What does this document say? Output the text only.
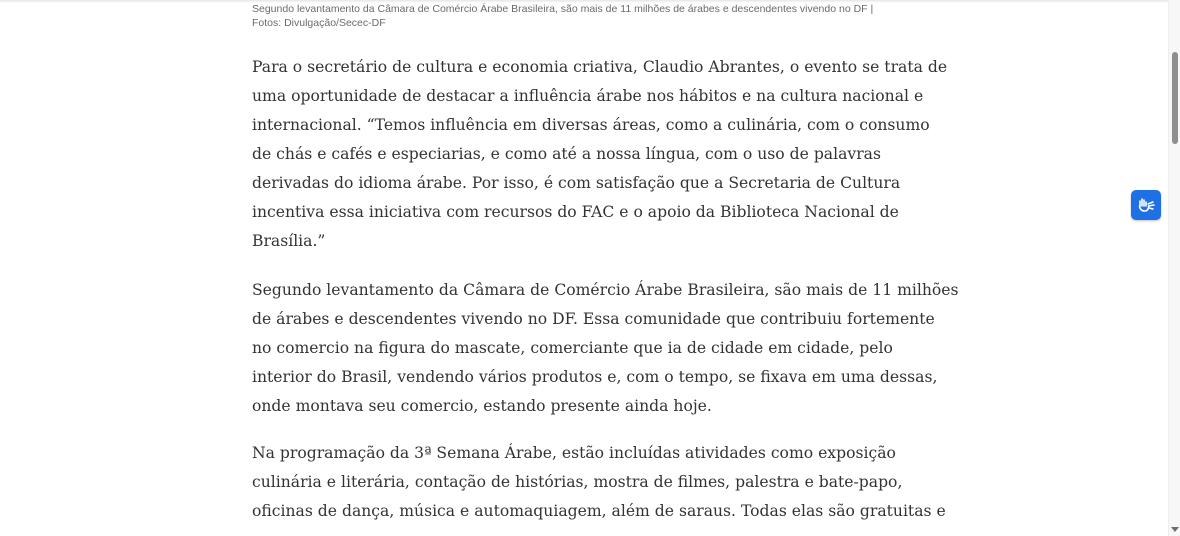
Segundo levantamento da Câmara de Comércio Árabe Brasileira, são mais de 11 milhões de árabes e descendentes vivendo no DF |
Fotos: Divulgação/Secec-DF

Para o secretário de cultura e economia criativa, Claudio Abrantes, o evento se trata de
uma oportunidade de destacar a influência árabe nos hábitos e na cultura nacional e
internacional. “Temos influência em diversas áreas, como a culinária, com o consumo
de chás e cafés e especiarias, e como até a nossa língua, com o uso de palavras
derivadas do idioma árabe. Por isso, é com satisfação que a Secretaria de Cultura
incentiva essa iniciativa com recursos do FAC e o apoio da Biblioteca Nacional de
Brasília.”

Segundo levantamento da Câmara de Comércio Árabe Brasileira, são mais de 11 milhões
de árabes e descendentes vivendo no DF. Essa comunidade que contribuiu fortemente
no comercio na figura do mascate, comerciante que ia de cidade em cidade, pelo
interior do Brasil, vendendo vários produtos e, com o tempo, se fixava em uma dessas,
onde montava seu comercio, estando presente ainda hoje.

Na programação da 3ª Semana Árabe, estão incluídas atividades como exposição
culinária e literária, contação de histórias, mostra de filmes, palestra e bate-papo,
oficinas de dança, música e automaquiagem, além de saraus. Todas elas são gratuitas e
